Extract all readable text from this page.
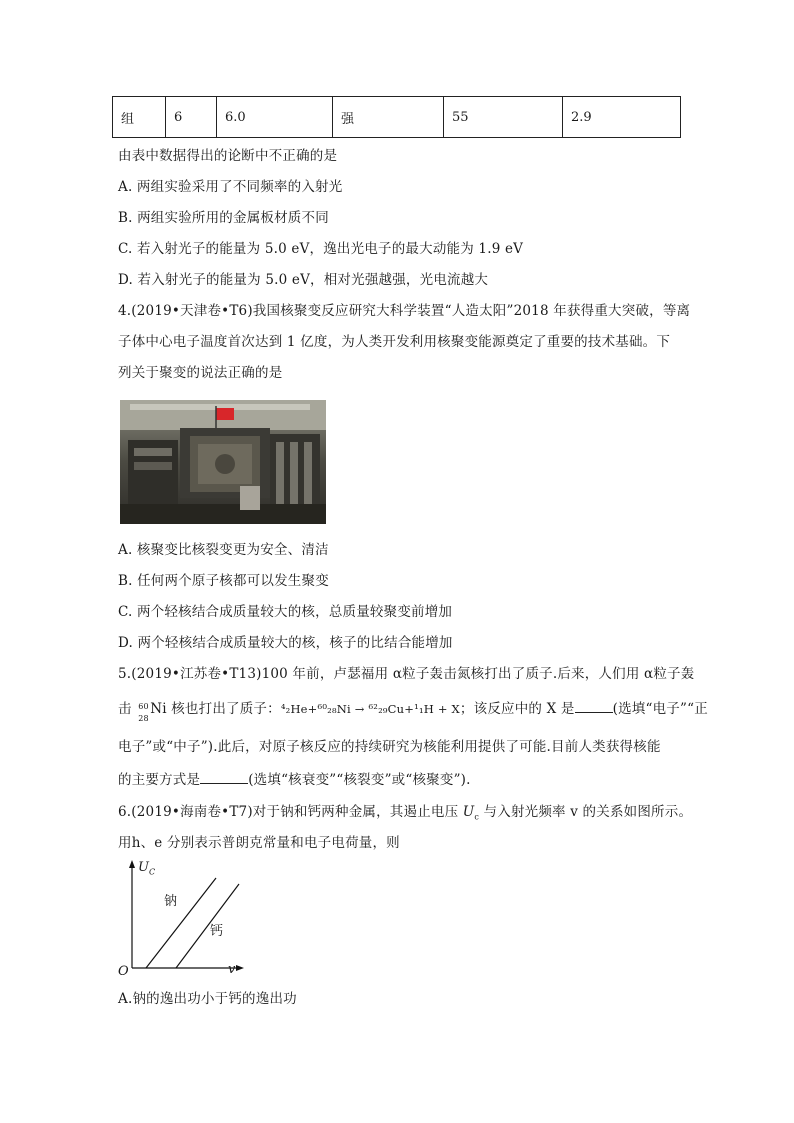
组	6	6.0	强	55	2.9
由表中数据得出的论断中不正确的是
A. 两组实验采用了不同频率的入射光
B. 两组实验所用的金属板材质不同
C. 若入射光子的能量为 5.0 eV，逸出光电子的最大动能为 1.9 eV
D. 若入射光子的能量为 5.0 eV，相对光强越强，光电流越大
4.(2019•天津卷•T6)我国核聚变反应研究大科学装置“人造太阳”2018 年获得重大突破，等离
子体中心电子温度首次达到 1 亿度，为人类开发利用核聚变能源奠定了重要的技术基础。下
列关于聚变的说法正确的是
A. 核聚变比核裂变更为安全、清洁
B. 任何两个原子核都可以发生聚变
C. 两个轻核结合成质量较大的核，总质量较聚变前增加
D. 两个轻核结合成质量较大的核，核子的比结合能增加
5.(2019•江苏卷•T13)100 年前，卢瑟福用 α粒子轰击氮核打出了质子.后来，人们用 α粒子轰
击 60
28
Ni 核也打出了质子：⁴₂He+⁶⁰₂₈Ni → ⁶²₂₉Cu+¹₁H + X；该反应中的 X 是	(选填“电子”“正
电子”或“中子”).此后，对原子核反应的持续研究为核能利用提供了可能.目前人类获得核能
的主要方式是	(选填“核衰变”“核裂变”或“核聚变”).
6.(2019•海南卷•T7)对于钠和钙两种金属，其遏止电压 $U_c$ 与入射光频率 v 的关系如图所示。
用h、e 分别表示普朗克常量和电子电荷量，则
$U_C$
O	v
钠
钙
A.钠的逸出功小于钙的逸出功
